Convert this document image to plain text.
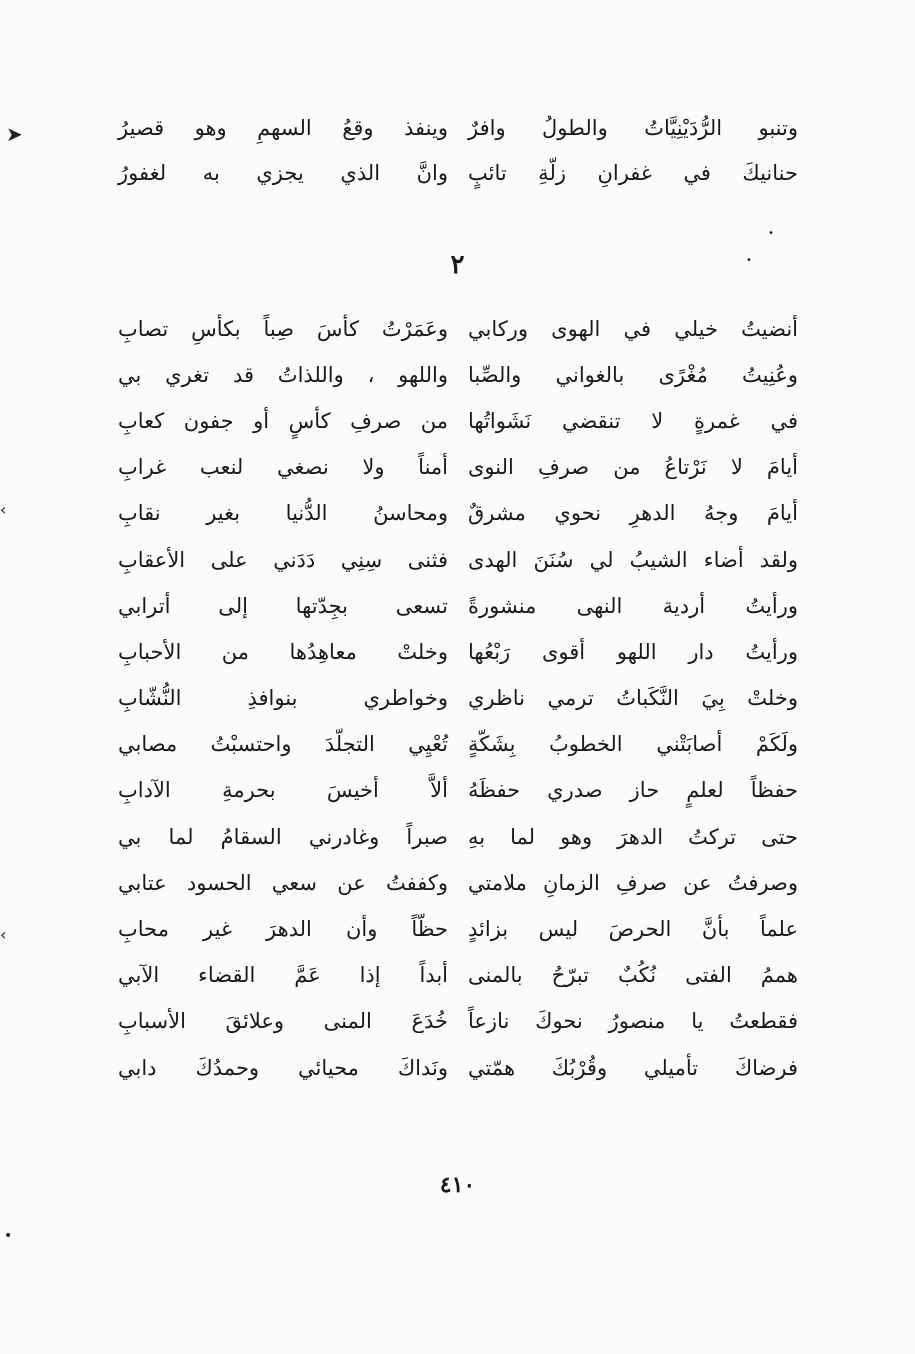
وتنبو الرُّدَيْنِيَّاتُ والطولُ وافرٌ
وينفذ وقعُ السهمِ وهو قصيرُ
حنانيكَ في غفرانِ زلّةِ تائبٍ
وانَّ الذي يجزي به لغفورُ
٢
أنضيتُ خيلي في الهوى وركابي
وعَمَرْتُ كأسَ صِباً بكأسِ تصابِ
وعُنِيتُ مُغْرًى بالغواني والصِّبا
واللهو ، واللذاتُ قد تغري بي
في غمرةٍ لا تنقضي نَشَواتُها
من صرفِ كأسٍ أو جفون كعابِ
أيامَ لا نَرْتاعُ من صرفِ النوى
أمناً ولا نصغي لنعب غرابِ
أيامَ وجهُ الدهرِ نحوي مشرقٌ
ومحاسنُ الدُّنيا بغير نقابِ
ولقد أضاء الشيبُ لي سُنَنَ الهدى
فثنى سِنِي دَدَني على الأعقابِ
ورأيتُ أردية النهى منشورةً
تسعى بجِدّتها إلى أترابي
ورأيتُ دار اللهو أقوى رَبْعُها
وخلتْ معاهِدُها من الأحبابِ
وخلتْ بِيَ النَّكَباتُ ترمي ناظري
وخواطري بنوافذِ النُّشّابِ
ولَكَمْ أصابَتْني الخطوبُ بِشَكّةٍ
تُعْيِي التجلّدَ واحتسبْتُ مصابي
حفظاً لعلمٍ حاز صدري حفظَهُ
ألاَّ أخيسَ بحرمةِ الآدابِ
حتى تركتُ الدهرَ وهو لما بهِ
صبراً وغادرني السقامُ لما بي
وصرفتُ عن صرفِ الزمانِ ملامتي
وكففتُ عن سعي الحسود عتابي
علماً بأنَّ الحرصَ ليس بزائدٍ
حظّاً وأن الدهرَ غير محابِ
هممُ الفتى نُكُبٌ تبرّحُ بالمنى
أبداً إذا عَمَّ القضاء الآبي
فقطعتُ يا منصورُ نحوكَ نازعاً
خُدَعَ المنى وعلائقَ الأسبابِ
فرضاكَ تأميلي وقُرْبُكَ همّتي
ونَداكَ محيائي وحمدُكَ دابي
٤١٠
➤
‹
‹
•
•
•
